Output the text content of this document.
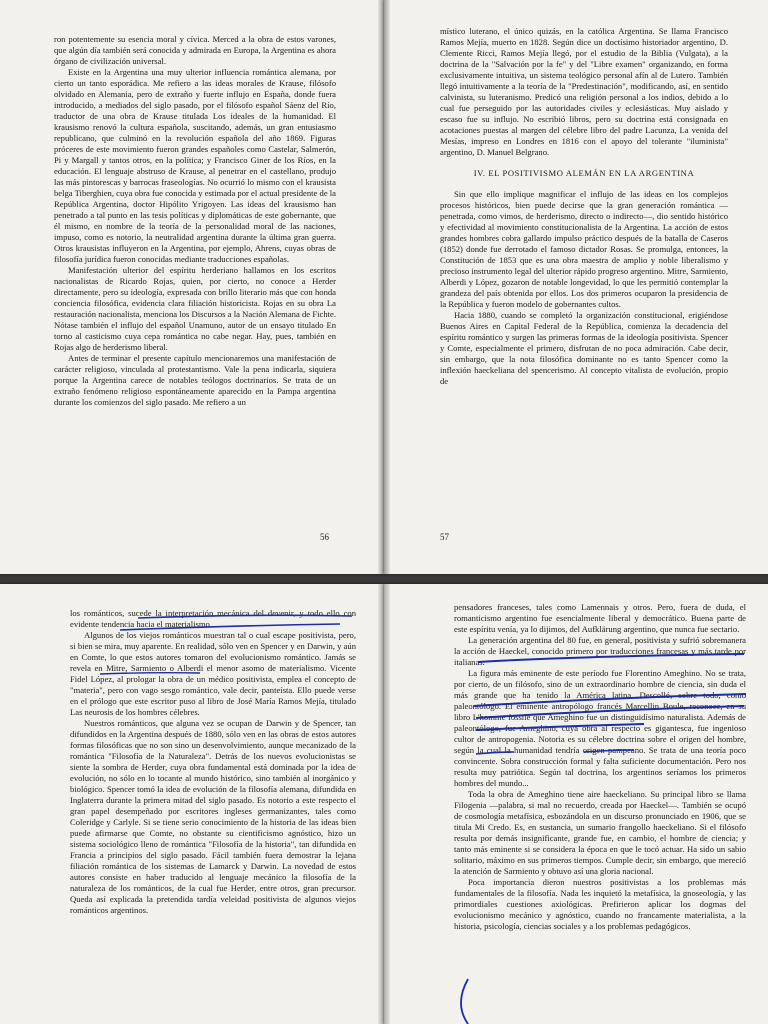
ron potentemente su esencia moral y cívica. Merced a la obra de estos varones, que algún día también será conocida y admirada en Europa, la Argentina es ahora órgano de civilización universal.

Existe en la Argentina una muy ulterior influencia romántica alemana, por cierto un tanto esporádica. Me refiero a las ideas morales de Krause, filósofo olvidado en Alemania, pero de extraño y fuerte influjo en España, donde fuera introducido, a mediados del siglo pasado, por el filósofo español Sáenz del Río, traductor de una obra de Krause titulada Los ideales de la humanidad. El krausismo renovó la cultura española, suscitando, además, un gran entusiasmo republicano, que culminó en la revolución española del año 1869. Figuras próceres de este movimiento fueron grandes españoles como Castelar, Salmerón, Pi y Margall y tantos otros, en la política; y Francisco Giner de los Ríos, en la educación. El lenguaje abstruso de Krause, al penetrar en el castellano, produjo las más pintorescas y barrocas fraseologías. No ocurrió lo mismo con el krausista belga Tiberghien, cuya obra fue conocida y estimada por el actual presidente de la República Argentina, doctor Hipólito Yrigoyen. Las ideas del krausismo han penetrado a tal punto en las tesis políticas y diplomáticas de este gobernante, que él mismo, en nombre de la teoría de la personalidad moral de las naciones, impuso, como es notorio, la neutralidad argentina durante la última gran guerra. Otros krausistas influyeron en la Argentina, por ejemplo, Ahrens, cuyas obras de filosofía jurídica fueron conocidas mediante traducciones españolas.

Manifestación ulterior del espíritu herderiano hallamos en los escritos nacionalistas de Ricardo Rojas, quien, por cierto, no conoce a Herder directamente, pero su ideología, expresada con brillo literario más que con honda conciencia filosófica, evidencia clara filiación historicista. Rojas en su obra La restauración nacionalista, menciona los Discursos a la Nación Alemana de Fichte. Nótase también el influjo del español Unamuno, autor de un ensayo titulado En torno al casticismo cuya cepa romántica no cabe negar. Hay, pues, también en Rojas algo de herderismo liberal.

Antes de terminar el presente capítulo mencionaremos una manifestación de carácter religioso, vinculada al protestantismo. Vale la pena indicarla, siquiera porque la Argentina carece de notables teólogos doctrinarios. Se trata de un extraño fenómeno religioso espontáneamente aparecido en la Pampa argentina durante los comienzos del siglo pasado. Me refiero a un

56

místico luterano, el único quizás, en la católica Argentina. Se llama Francisco Ramos Mejía, muerto en 1828. Según dice un doctísimo historiador argentino, D. Clemente Ricci, Ramos Mejía llegó, por el estudio de la Biblia (Vulgata), a la doctrina de la "Salvación por la fe" y del "Libre examen" organizando, en forma exclusivamente intuitiva, un sistema teológico personal afín al de Lutero. También llegó intuitivamente a la teoría de la "Predestinación", modificando, así, en sentido calvinista, su luteranismo. Predicó una religión personal a los indios, debido a lo cual fue perseguido por las autoridades civiles y eclesiásticas. Muy aislado y escaso fue su influjo. No escribió libros, pero su doctrina está consignada en acotaciones puestas al margen del célebre libro del padre Lacunza, La venida del Mesías, impreso en Londres en 1816 con el apoyo del tolerante "iluminista" argentino, D. Manuel Belgrano.

IV. EL POSITIVISMO ALEMÁN EN LA ARGENTINA

Sin que ello implique magnificar el influjo de las ideas en los complejos procesos históricos, bien puede decirse que la gran generación romántica —penetrada, como vimos, de herderismo, directo o indirecto—, dio sentido histórico y efectividad al movimiento constitucionalista de la Argentina. La acción de estos grandes hombres cobra gallardo impulso práctico después de la batalla de Caseros (1852) donde fue derrotado el famoso dictador Rosas. Se promulga, entonces, la Constitución de 1853 que es una obra maestra de amplio y noble liberalismo y precioso instrumento legal del ulterior rápido progreso argentino. Mitre, Sarmiento, Alberdi y López, gozaron de notable longevidad, lo que les permitió contemplar la grandeza del país obtenida por ellos. Los dos primeros ocuparon la presidencia de la República y fueron modelo de gobernantes cultos.

Hacia 1880, cuando se completó la organización constitucional, erigiéndose Buenos Aires en Capital Federal de la República, comienza la decadencia del espíritu romántico y surgen las primeras formas de la ideología positivista. Spencer y Comte, especialmente el primero, disfrutan de no poca admiración. Cabe decir, sin embargo, que la nota filosófica dominante no es tanto Spencer como la inflexión haeckeliana del spencerismo. Al concepto vitalista de evolución, propio de

57

los románticos, sucede la interpretación mecánica del devenir, y todo ello con evidente tendencia hacia el materialismo.

Algunos de los viejos románticos muestran tal o cual escape positivista, pero, si bien se mira, muy aparente. En realidad, sólo ven en Spencer y en Darwin, y aún en Comte, lo que estos autores tomaron del evolucionismo romántico. Jamás se revela en Mitre, Sarmiento o Alberdi el menor asomo de materialismo. Vicente Fidel López, al prologar la obra de un médico positivista, emplea el concepto de "materia", pero con vago sesgo romántico, vale decir, panteísta. Ello puede verse en el prólogo que este escritor puso al libro de José María Ramos Mejía, titulado Las neurosis de los hombres célebres.

Nuestros románticos, que alguna vez se ocupan de Darwin y de Spencer, tan difundidos en la Argentina después de 1880, sólo ven en las obras de estos autores formas filosóficas que no son sino un desenvolvimiento, aunque mecanizado de la romántica "Filosofía de la Naturaleza". Detrás de los nuevos evolucionistas se siente la sombra de Herder, cuya obra fundamental está dominada por la idea de evolución, no sólo en lo tocante al mundo histórico, sino también al inorgánico y biológico. Spencer tomó la idea de evolución de la filosofía alemana, difundida en Inglaterra durante la primera mitad del siglo pasado. Es notorio a este respecto el gran papel desempeñado por escritores ingleses germanizantes, tales como Coleridge y Carlyle. Si se tiene serio conocimiento de la historia de las ideas bien puede afirmarse que Comte, no obstante su cientificismo agnóstico, hizo un sistema sociológico lleno de romántica "Filosofía de la historia", tan difundida en Francia a principios del siglo pasado. Fácil también fuera demostrar la lejana filiación romántica de los sistemas de Lamarck y Darwin. La novedad de estos autores consiste en haber traducido al lenguaje mecánico la filosofía de la naturaleza de los románticos, de la cual fue Herder, entre otros, gran precursor. Queda así explicada la pretendida tardía veleidad positivista de algunos viejos románticos argentinos.

pensadores franceses, tales como Lamennais y otros. Pero, fuera de duda, el romanticismo argentino fue esencialmente liberal y democrático. Buena parte de este espíritu venía, ya lo dijimos, del Aufklärung argentino, que nunca fue sectario.

La generación argentina del 80 fue, en general, positivista y sufrió sobremanera la acción de Haeckel, conocido primero por traducciones francesas y más tarde por italianas.

La figura más eminente de este período fue Florentino Ameghino. No se trata, por cierto, de un filósofo, sino de un extraordinario hombre de ciencia, sin duda el más grande que ha tenido la América latina. Descolló, sobre todo, como paleontólogo. El eminente antropólogo francés Marcellin Boule, reconoce, en su libro L'homme fossile que Ameghino fue un distinguidísimo naturalista. Además de paleontólogo, fue Ameghino, cuya obra al respecto es gigantesca, fue ingenioso cultor de antropogenia. Notoria es su célebre doctrina sobre el origen del hombre, según la cual la humanidad tendría origen pampeano. Se trata de una teoría poco convincente. Sobra construcción formal y falta suficiente documentación. Pero nos resulta muy patriótica. Según tal doctrina, los argentinos seríamos los primeros hombres del mundo...

Toda la obra de Ameghino tiene aire haeckeliano. Su principal libro se llama Filogenia —palabra, si mal no recuerdo, creada por Haeckel—. También se ocupó de cosmología metafísica, esbozándola en un discurso pronunciado en 1906, que se titula Mi Credo. Es, en sustancia, un sumario frangollo haeckeliano. Si el filósofo resulta por demás insignificante, grande fue, en cambio, el hombre de ciencia; y tanto más eminente si se considera la época en que le tocó actuar. Ha sido un sabio solitario, máximo en sus primeros tiempos. Cumple decir, sin embargo, que mereció la atención de Sarmiento y obtuvo así una gloria nacional.

Poca importancia dieron nuestros positivistas a los problemas más fundamentales de la filosofía. Nada les inquietó la metafísica, la gnoseología, y las primordiales cuestiones axiológicas. Prefirieron aplicar los dogmas del evolucionismo mecánico y agnóstico, cuando no francamente materialista, a la historia, psicología, ciencias sociales y a los problemas pedagógicos.
